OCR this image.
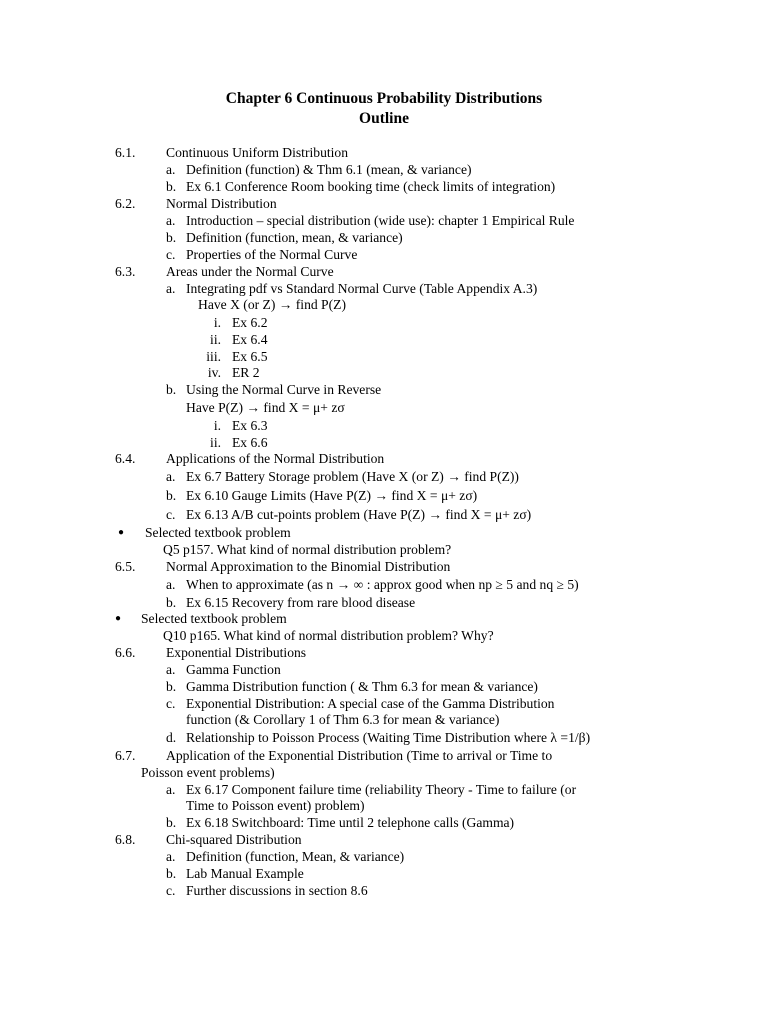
Chapter 6 Continuous Probability Distributions
Outline
6.1. Continuous Uniform Distribution
a. Definition (function) & Thm 6.1 (mean, & variance)
b. Ex 6.1 Conference Room booking time (check limits of integration)
6.2. Normal Distribution
a. Introduction – special distribution (wide use): chapter 1 Empirical Rule
b. Definition (function, mean, & variance)
c. Properties of the Normal Curve
6.3. Areas under the Normal Curve
a. Integrating pdf vs Standard Normal Curve (Table Appendix A.3)
Have X (or Z) → find P(Z)
i. Ex 6.2
ii. Ex 6.4
iii. Ex 6.5
iv. ER 2
b. Using the Normal Curve in Reverse
Have P(Z) → find X = μ+ zσ
i. Ex 6.3
ii. Ex 6.6
6.4. Applications of the Normal Distribution
a. Ex 6.7 Battery Storage problem (Have X (or Z) → find P(Z))
b. Ex 6.10 Gauge Limits (Have P(Z) → find X = μ+ zσ)
c. Ex 6.13 A/B cut-points problem (Have P(Z) → find X = μ+ zσ)
● Selected textbook problem
Q5 p157. What kind of normal distribution problem?
6.5. Normal Approximation to the Binomial Distribution
a. When to approximate (as n → ∞ : approx good when np ≥ 5 and nq ≥ 5)
b. Ex 6.15 Recovery from rare blood disease
● Selected textbook problem
Q10 p165. What kind of normal distribution problem? Why?
6.6. Exponential Distributions
a. Gamma Function
b. Gamma Distribution function ( & Thm 6.3 for mean & variance)
c. Exponential Distribution: A special case of the Gamma Distribution
function (& Corollary 1 of Thm 6.3 for mean & variance)
d. Relationship to Poisson Process (Waiting Time Distribution where λ =1/β)
6.7. Application of the Exponential Distribution (Time to arrival or Time to
Poisson event problems)
a. Ex 6.17 Component failure time (reliability Theory - Time to failure (or
Time to Poisson event) problem)
b. Ex 6.18 Switchboard: Time until 2 telephone calls (Gamma)
6.8. Chi-squared Distribution
a. Definition (function, Mean, & variance)
b. Lab Manual Example
c. Further discussions in section 8.6
